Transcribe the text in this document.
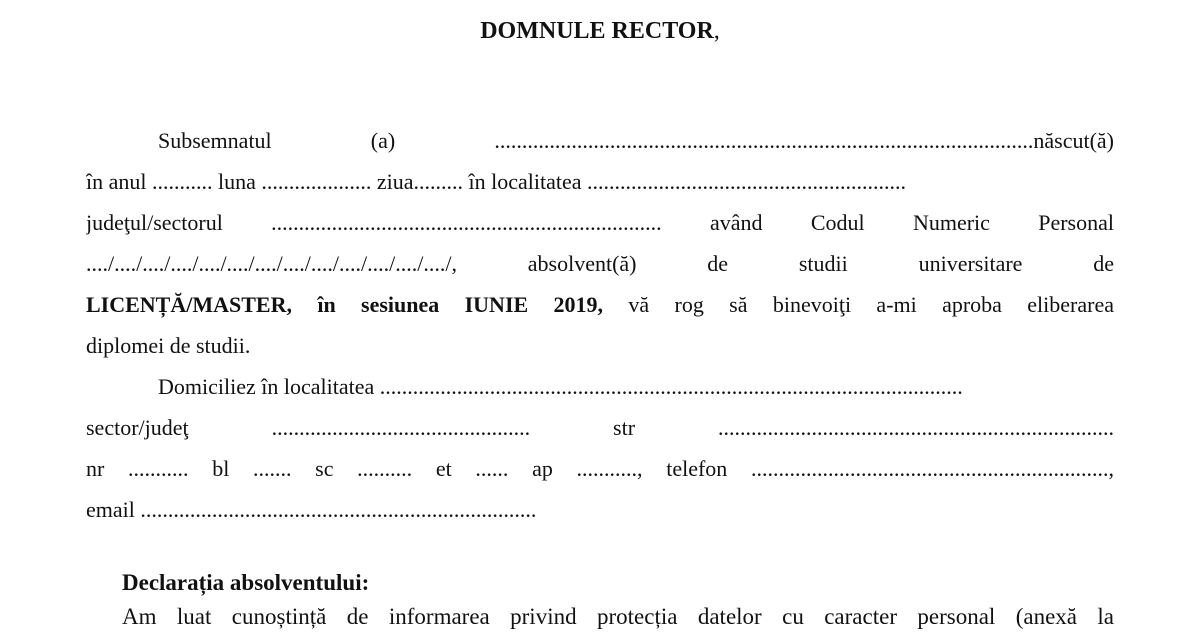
DOMNULE RECTOR,
Subsemnatul (a) ..................................................................................................născut(ă)
în anul ........... luna .................... ziua......... în localitatea ..........................................................
judeţul/sectorul ....................................................................... având Codul Numeric Personal
..../..../..../..../..../..../..../..../..../..../..../..../..../, absolvent(ă) de studii universitare de
LICENȚĂ/MASTER, în sesiunea IUNIE 2019, vă rog să binevoiţi a-mi aproba eliberarea
diplomei de studii.
Domiciliez în localitatea ..........................................................................................................
sector/judeţ ............................................... str ........................................................................
nr ........... bl ....... sc .......... et ...... ap ..........., telefon .................................................................,
email ........................................................................
Declarația absolventului:
Am luat cunoștință de informarea privind protecția datelor cu caracter personal (anexă la
